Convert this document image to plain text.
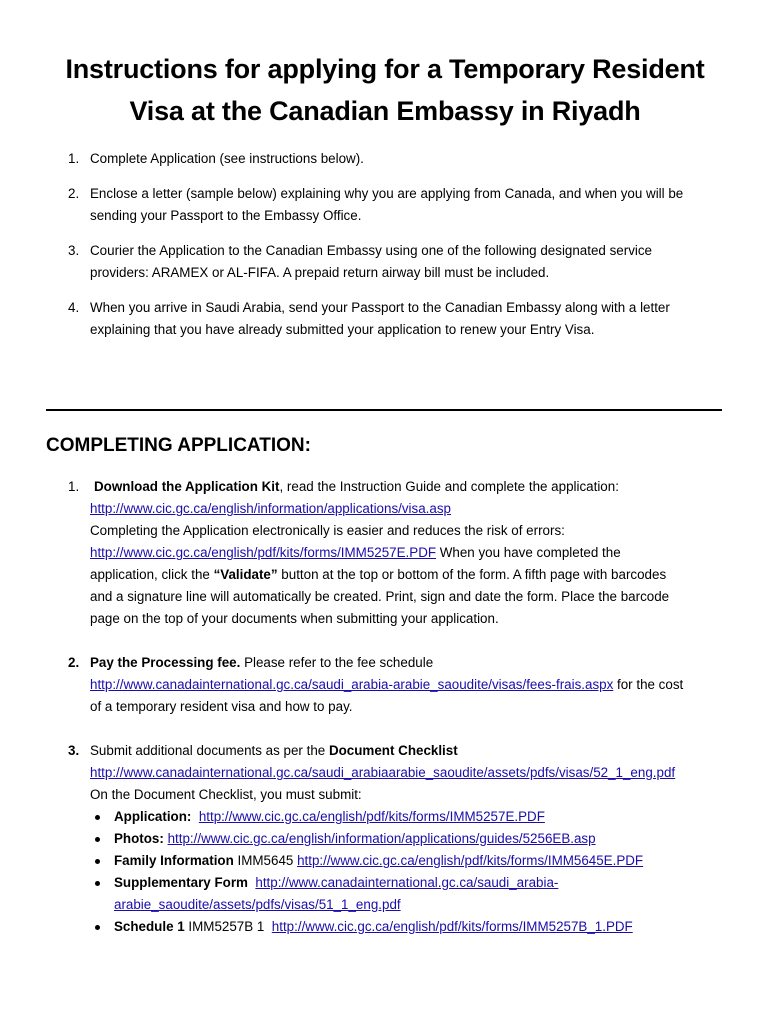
Instructions for applying for a Temporary Resident
Visa at the Canadian Embassy in Riyadh
1. Complete Application (see instructions below).
2. Enclose a letter (sample below) explaining why you are applying from Canada, and when you will be
sending your Passport to the Embassy Office.
3. Courier the Application to the Canadian Embassy using one of the following designated service
providers: ARAMEX or AL-FIFA. A prepaid return airway bill must be included.
4. When you arrive in Saudi Arabia, send your Passport to the Canadian Embassy along with a letter
explaining that you have already submitted your application to renew your Entry Visa.
COMPLETING APPLICATION:
1. Download the Application Kit, read the Instruction Guide and complete the application:
http://www.cic.gc.ca/english/information/applications/visa.asp
Completing the Application electronically is easier and reduces the risk of errors:
http://www.cic.gc.ca/english/pdf/kits/forms/IMM5257E.PDF When you have completed the
application, click the “Validate” button at the top or bottom of the form. A fifth page with barcodes
and a signature line will automatically be created. Print, sign and date the form. Place the barcode
page on the top of your documents when submitting your application.
2. Pay the Processing fee. Please refer to the fee schedule
http://www.canadainternational.gc.ca/saudi_arabia-arabie_saoudite/visas/fees-frais.aspx for the cost
of a temporary resident visa and how to pay.
3. Submit additional documents as per the Document Checklist
http://www.canadainternational.gc.ca/saudi_arabiaarabie_saoudite/assets/pdfs/visas/52_1_eng.pdf
On the Document Checklist, you must submit:
Application: http://www.cic.gc.ca/english/pdf/kits/forms/IMM5257E.PDF
Photos: http://www.cic.gc.ca/english/information/applications/guides/5256EB.asp
Family Information IMM5645 http://www.cic.gc.ca/english/pdf/kits/forms/IMM5645E.PDF
Supplementary Form http://www.canadainternational.gc.ca/saudi_arabia-
arabie_saoudite/assets/pdfs/visas/51_1_eng.pdf
Schedule 1 IMM5257B 1  http://www.cic.gc.ca/english/pdf/kits/forms/IMM5257B_1.PDF
